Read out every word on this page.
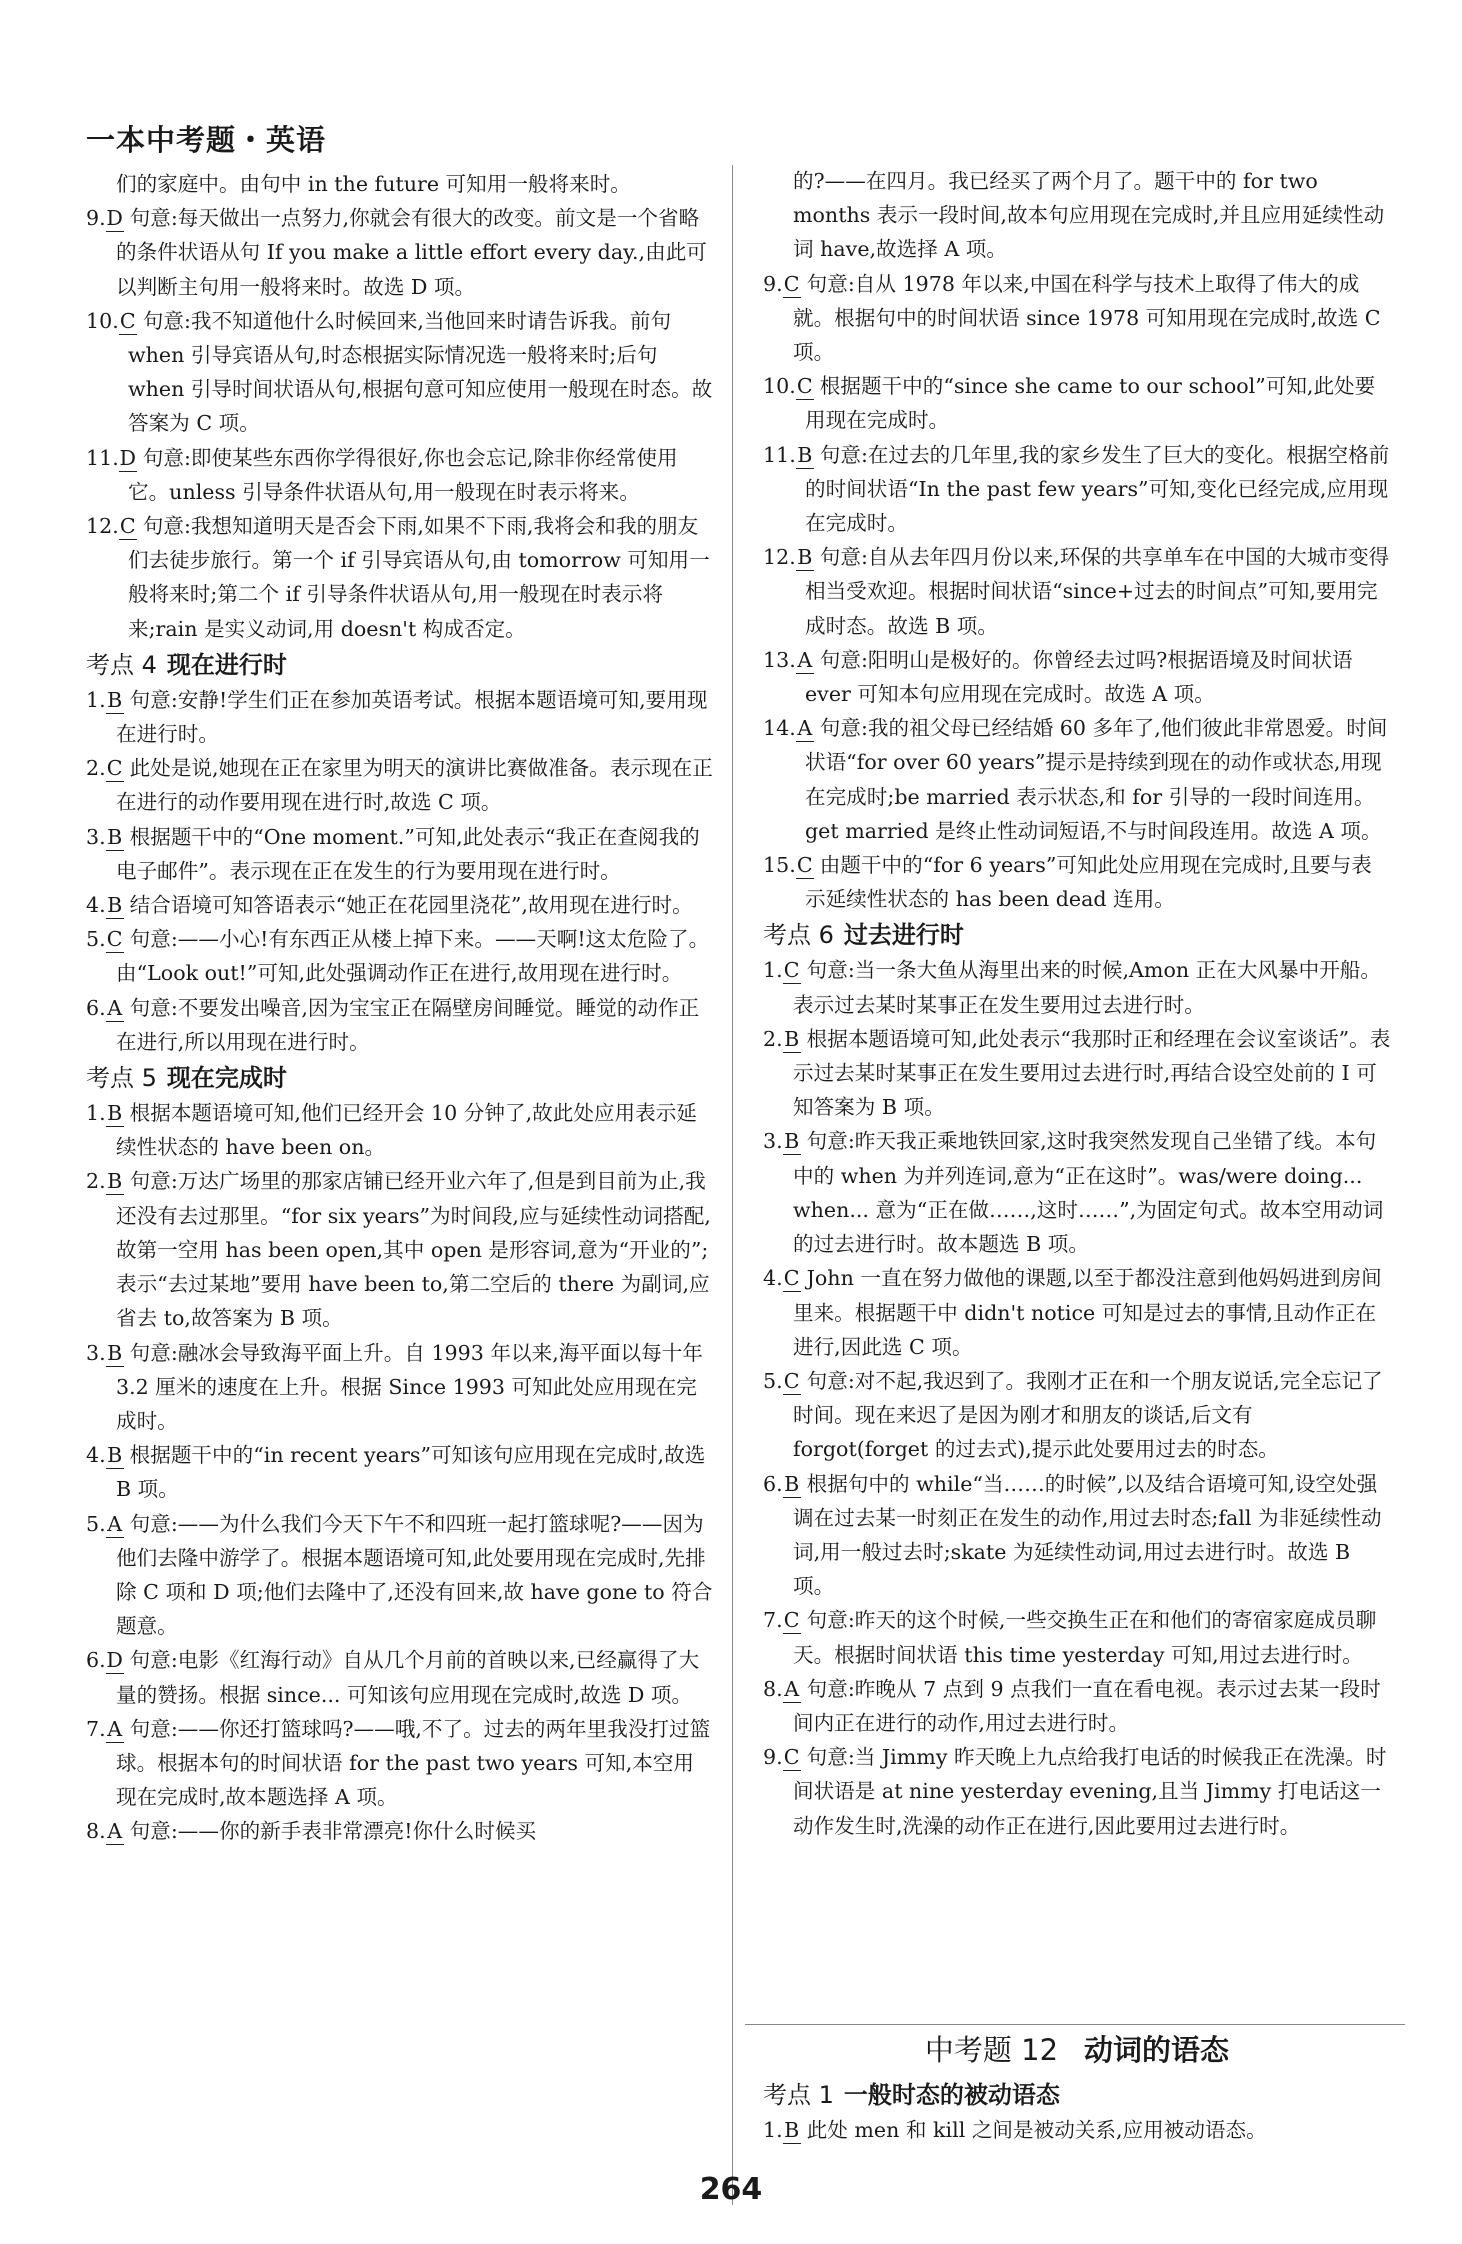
一本中考题・英语

们的家庭中。由句中 in the future 可知用一般将来时。

9.D 句意:每天做出一点努力,你就会有很大的改变。前文是一个省略的条件状语从句 If you make a little effort every day.,由此可以判断主句用一般将来时。故选 D 项。

10.C 句意:我不知道他什么时候回来,当他回来时请告诉我。前句 when 引导宾语从句,时态根据实际情况选一般将来时;后句 when 引导时间状语从句,根据句意可知应使用一般现在时态。故答案为 C 项。

11.D 句意:即使某些东西你学得很好,你也会忘记,除非你经常使用它。unless 引导条件状语从句,用一般现在时表示将来。

12.C 句意:我想知道明天是否会下雨,如果不下雨,我将会和我的朋友们去徒步旅行。第一个 if 引导宾语从句,由 tomorrow 可知用一般将来时;第二个 if 引导条件状语从句,用一般现在时表示将来;rain 是实义动词,用 doesn't 构成否定。

考点 4 现在进行时

1.B 句意:安静!学生们正在参加英语考试。根据本题语境可知,要用现在进行时。

2.C 此处是说,她现在正在家里为明天的演讲比赛做准备。表示现在正在进行的动作要用现在进行时,故选 C 项。

3.B 根据题干中的“One moment.”可知,此处表示“我正在查阅我的电子邮件”。表示现在正在发生的行为要用现在进行时。

4.B 结合语境可知答语表示“她正在花园里浇花”,故用现在进行时。

5.C 句意:——小心!有东西正从楼上掉下来。——天啊!这太危险了。由“Look out!”可知,此处强调动作正在进行,故用现在进行时。

6.A 句意:不要发出噪音,因为宝宝正在隔壁房间睡觉。睡觉的动作正在进行,所以用现在进行时。

考点 5 现在完成时

1.B 根据本题语境可知,他们已经开会 10 分钟了,故此处应用表示延续性状态的 have been on。

2.B 句意:万达广场里的那家店铺已经开业六年了,但是到目前为止,我还没有去过那里。“for six years”为时间段,应与延续性动词搭配,故第一空用 has been open,其中 open 是形容词,意为“开业的”;表示“去过某地”要用 have been to,第二空后的 there 为副词,应省去 to,故答案为 B 项。

3.B 句意:融冰会导致海平面上升。自 1993 年以来,海平面以每十年 3.2 厘米的速度在上升。根据 Since 1993 可知此处应用现在完成时。

4.B 根据题干中的“in recent years”可知该句应用现在完成时,故选 B 项。

5.A 句意:——为什么我们今天下午不和四班一起打篮球呢?——因为他们去隆中游学了。根据本题语境可知,此处要用现在完成时,先排除 C 项和 D 项;他们去隆中了,还没有回来,故 have gone to 符合题意。

6.D 句意:电影《红海行动》自从几个月前的首映以来,已经赢得了大量的赞扬。根据 since... 可知该句应用现在完成时,故选 D 项。

7.A 句意:——你还打篮球吗?——哦,不了。过去的两年里我没打过篮球。根据本句的时间状语 for the past two years 可知,本空用现在完成时,故本题选择 A 项。

8.A 句意:——你的新手表非常漂亮!你什么时候买

的?——在四月。我已经买了两个月了。题干中的 for two months 表示一段时间,故本句应用现在完成时,并且应用延续性动词 have,故选择 A 项。

9.C 句意:自从 1978 年以来,中国在科学与技术上取得了伟大的成就。根据句中的时间状语 since 1978 可知用现在完成时,故选 C 项。

10.C 根据题干中的“since she came to our school”可知,此处要用现在完成时。

11.B 句意:在过去的几年里,我的家乡发生了巨大的变化。根据空格前的时间状语“In the past few years”可知,变化已经完成,应用现在完成时。

12.B 句意:自从去年四月份以来,环保的共享单车在中国的大城市变得相当受欢迎。根据时间状语“since+过去的时间点”可知,要用完成时态。故选 B 项。

13.A 句意:阳明山是极好的。你曾经去过吗?根据语境及时间状语 ever 可知本句应用现在完成时。故选 A 项。

14.A 句意:我的祖父母已经结婚 60 多年了,他们彼此非常恩爱。时间状语“for over 60 years”提示是持续到现在的动作或状态,用现在完成时;be married 表示状态,和 for 引导的一段时间连用。get married 是终止性动词短语,不与时间段连用。故选 A 项。

15.C 由题干中的“for 6 years”可知此处应用现在完成时,且要与表示延续性状态的 has been dead 连用。

考点 6 过去进行时

1.C 句意:当一条大鱼从海里出来的时候,Amon 正在大风暴中开船。表示过去某时某事正在发生要用过去进行时。

2.B 根据本题语境可知,此处表示“我那时正和经理在会议室谈话”。表示过去某时某事正在发生要用过去进行时,再结合设空处前的 I 可知答案为 B 项。

3.B 句意:昨天我正乘地铁回家,这时我突然发现自己坐错了线。本句中的 when 为并列连词,意为“正在这时”。was/were doing... when... 意为“正在做……,这时……”,为固定句式。故本空用动词的过去进行时。故本题选 B 项。

4.C John 一直在努力做他的课题,以至于都没注意到他妈妈进到房间里来。根据题干中 didn't notice 可知是过去的事情,且动作正在进行,因此选 C 项。

5.C 句意:对不起,我迟到了。我刚才正在和一个朋友说话,完全忘记了时间。现在来迟了是因为刚才和朋友的谈话,后文有 forgot(forget 的过去式),提示此处要用过去的时态。

6.B 根据句中的 while“当……的时候”,以及结合语境可知,设空处强调在过去某一时刻正在发生的动作,用过去时态;fall 为非延续性动词,用一般过去时;skate 为延续性动词,用过去进行时。故选 B 项。

7.C 句意:昨天的这个时候,一些交换生正在和他们的寄宿家庭成员聊天。根据时间状语 this time yesterday 可知,用过去进行时。

8.A 句意:昨晚从 7 点到 9 点我们一直在看电视。表示过去某一段时间内正在进行的动作,用过去进行时。

9.C 句意:当 Jimmy 昨天晚上九点给我打电话的时候我正在洗澡。时间状语是 at nine yesterday evening,且当 Jimmy 打电话这一动作发生时,洗澡的动作正在进行,因此要用过去进行时。

中考题 12 动词的语态
考点 1 一般时态的被动语态

1.B 此处 men 和 kill 之间是被动关系,应用被动语态。

264
